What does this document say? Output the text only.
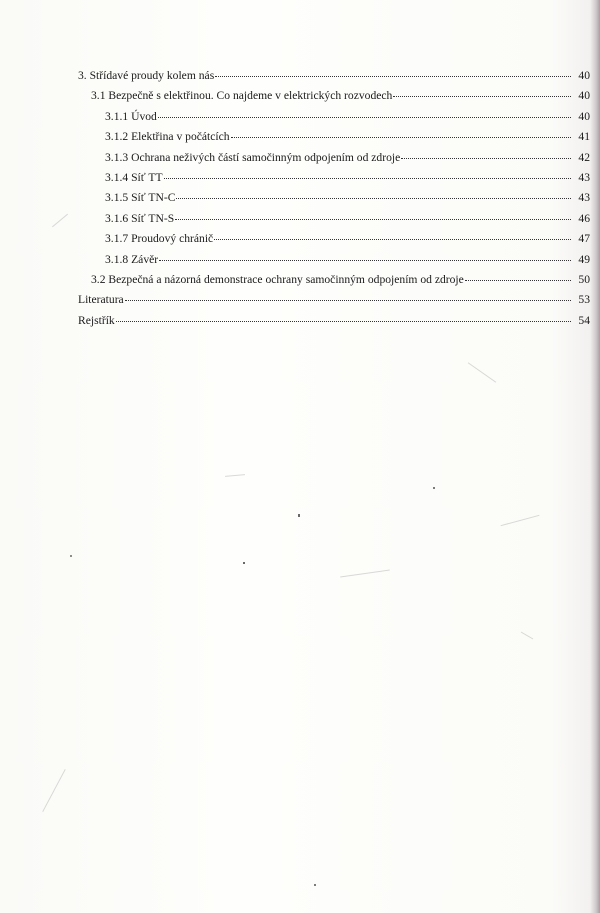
3. Střídavé proudy kolem nás	40
3.1 Bezpečně s elektřinou. Co najdeme v elektrických rozvodech	40
3.1.1 Úvod	40
3.1.2 Elektřina v počátcích	41
3.1.3 Ochrana neživých částí samočinným odpojením od zdroje	42
3.1.4 Síť TT	43
3.1.5 Síť TN-C	43
3.1.6 Síť TN-S	46
3.1.7 Proudový chránič	47
3.1.8 Závěr	49
3.2 Bezpečná a názorná demonstrace ochrany samočinným odpojením od zdroje	50
Literatura	53
Rejstřík	54
